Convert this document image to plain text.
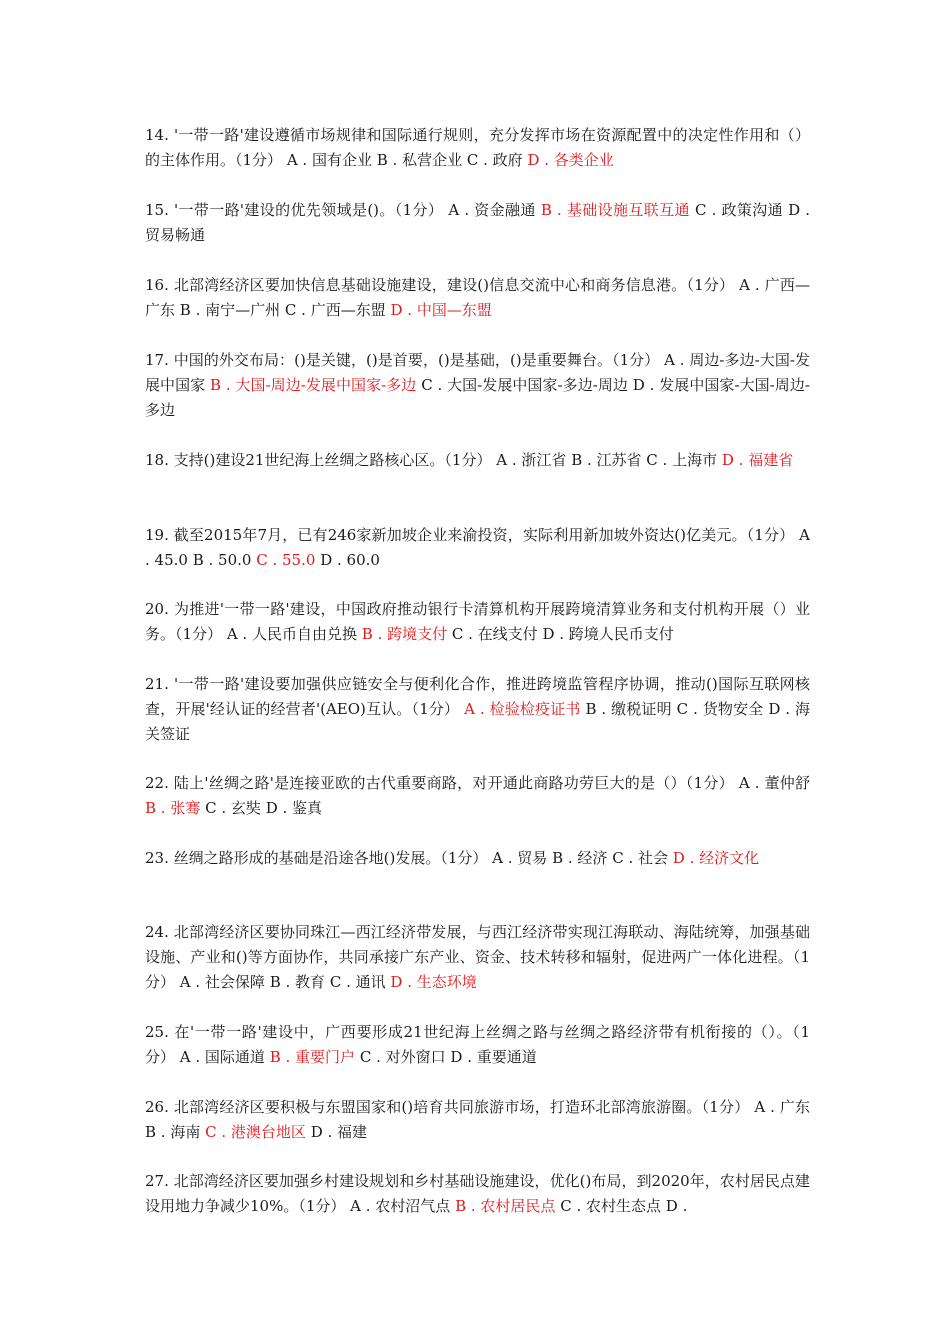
14. '一带一路'建设遵循市场规律和国际通行规则，充分发挥市场在资源配置中的决定性作用和（）的主体作用。（1分） A . 国有企业 B . 私营企业 C . 政府 D . 各类企业

15. '一带一路'建设的优先领域是()。（1分） A . 资金融通 B . 基础设施互联互通 C . 政策沟通 D . 贸易畅通

16. 北部湾经济区要加快信息基础设施建设，建设()信息交流中心和商务信息港。（1分） A . 广西—广东 B . 南宁—广州 C . 广西—东盟 D . 中国—东盟

17. 中国的外交布局：()是关键，()是首要，()是基础，()是重要舞台。（1分） A . 周边-多边-大国-发展中国家 B . 大国-周边-发展中国家-多边 C . 大国-发展中国家-多边-周边 D . 发展中国家-大国-周边-多边

18. 支持()建设21世纪海上丝绸之路核心区。（1分） A . 浙江省 B . 江苏省 C . 上海市 D . 福建省

19. 截至2015年7月，已有246家新加坡企业来渝投资，实际利用新加坡外资达()亿美元。（1分） A . 45.0 B . 50.0 C . 55.0 D . 60.0

20. 为推进'一带一路'建设，中国政府推动银行卡清算机构开展跨境清算业务和支付机构开展（）业务。（1分） A . 人民币自由兑换 B . 跨境支付 C . 在线支付 D . 跨境人民币支付

21. '一带一路'建设要加强供应链安全与便利化合作，推进跨境监管程序协调，推动()国际互联网核查，开展'经认证的经营者'(AEO)互认。（1分） A . 检验检疫证书 B . 缴税证明 C . 货物安全 D . 海关签证

22. 陆上'丝绸之路'是连接亚欧的古代重要商路，对开通此商路功劳巨大的是（）（1分） A . 董仲舒 B . 张骞 C . 玄奘 D . 鉴真

23. 丝绸之路形成的基础是沿途各地()发展。（1分） A . 贸易 B . 经济 C . 社会 D . 经济文化

24. 北部湾经济区要协同珠江—西江经济带发展，与西江经济带实现江海联动、海陆统筹，加强基础设施、产业和()等方面协作，共同承接广东产业、资金、技术转移和辐射，促进两广一体化进程。（1分） A . 社会保障 B . 教育 C . 通讯 D . 生态环境

25. 在'一带一路'建设中，广西要形成21世纪海上丝绸之路与丝绸之路经济带有机衔接的（）。（1分） A . 国际通道 B . 重要门户 C . 对外窗口 D . 重要通道

26. 北部湾经济区要积极与东盟国家和()培育共同旅游市场，打造环北部湾旅游圈。（1分） A . 广东 B . 海南 C . 港澳台地区 D . 福建

27. 北部湾经济区要加强乡村建设规划和乡村基础设施建设，优化()布局，到2020年，农村居民点建设用地力争减少10%。（1分） A . 农村沼气点 B . 农村居民点 C . 农村生态点 D .
